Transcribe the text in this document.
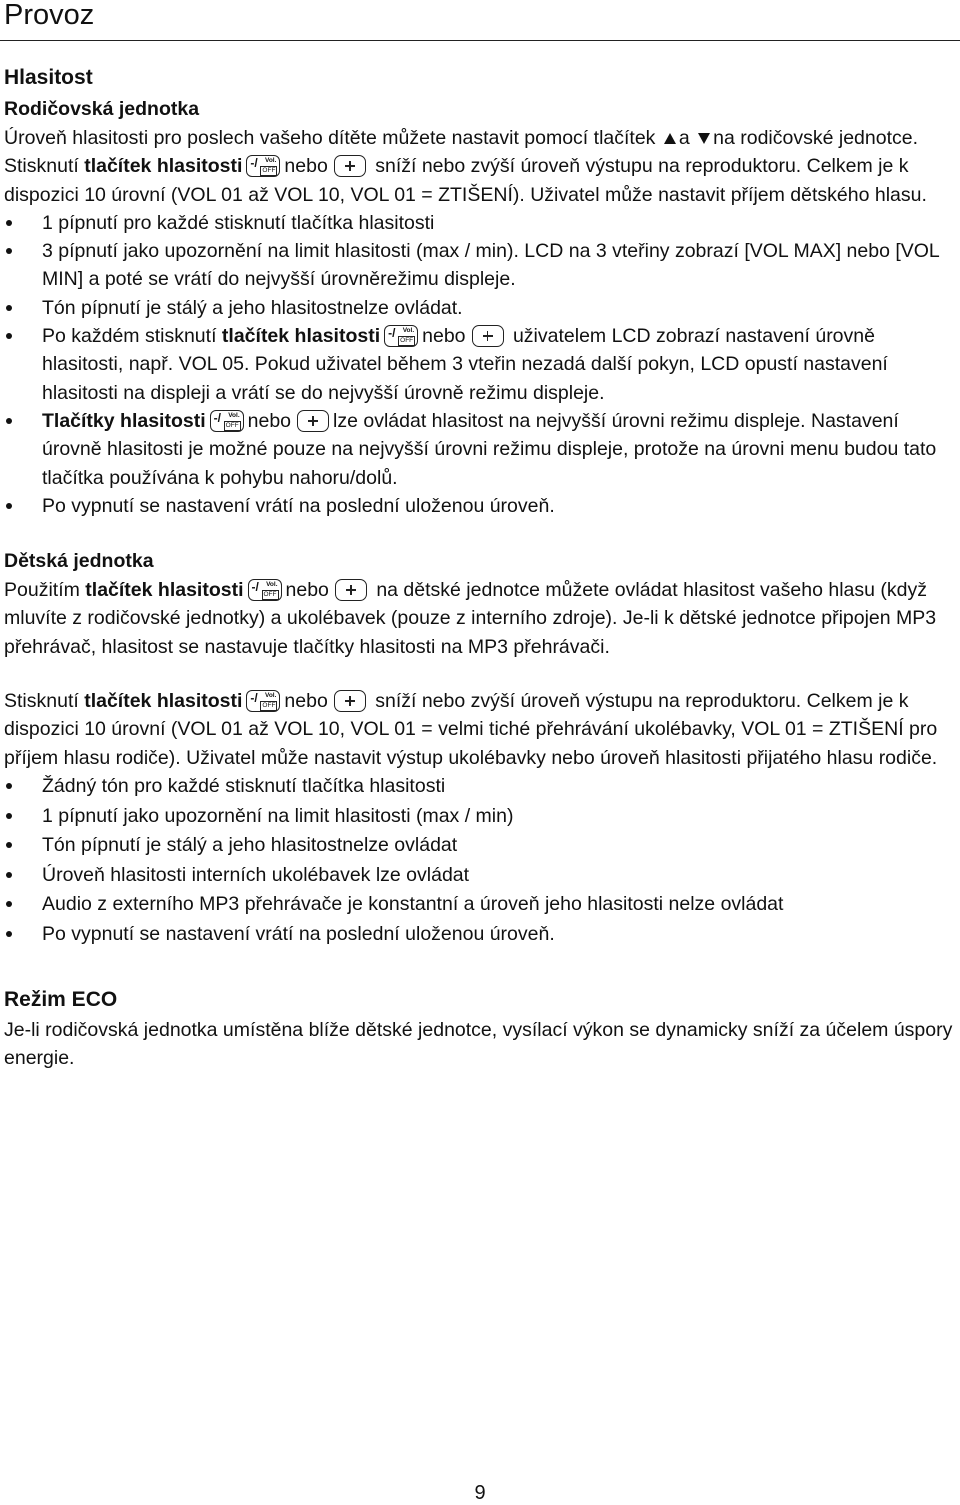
Provoz
Hlasitost
Rodičovská jednotka

Úroveň hlasitosti pro poslech vašeho dítěte můžete nastavit pomocí tlačítek a na rodičovské jednotce.

Stisknutí tlačítek hlasitosti -/ Vol.
OFF nebo sníží nebo zvýší úroveň výstupu na reproduktoru. Celkem je k dispozici 10 úrovní (VOL 01 až VOL 10, VOL 01 = ZTIŠENÍ). Uživatel může nastavit příjem dětského hlasu.

1 pípnutí pro každé stisknutí tlačítka hlasitosti
3 pípnutí jako upozornění na limit hlasitosti (max / min). LCD na 3 vteřiny zobrazí [VOL MAX] nebo [VOL MIN] a poté se vrátí do nejvyšší úrovněrežimu displeje.
Tón pípnutí je stálý a jeho hlasitostnelze ovládat.
Po každém stisknutí tlačítek hlasitosti -/ Vol.
OFF nebo uživatelem LCD zobrazí nastavení úrovně hlasitosti, např. VOL 05. Pokud uživatel během 3 vteřin nezadá další pokyn, LCD opustí nastavení hlasitosti na displeji a vrátí se do nejvyšší úrovně režimu displeje.
Tlačítky hlasitosti -/ Vol.
OFF nebo lze ovládat hlasitost na nejvyšší úrovni režimu displeje. Nastavení úrovně hlasitosti je možné pouze na nejvyšší úrovni režimu displeje, protože na úrovni menu budou tato tlačítka používána k pohybu nahoru/dolů.
Po vypnutí se nastavení vrátí na poslední uloženou úroveň.
Dětská jednotka

Použitím tlačítek hlasitosti -/ Vol.
OFF nebo na dětské jednotce můžete ovládat hlasitost vašeho hlasu (když mluvíte z rodičovské jednotky) a ukolébavek (pouze z interního zdroje). Je-li k dětské jednotce připojen MP3 přehrávač, hlasitost se nastavuje tlačítky hlasitosti na MP3 přehrávači.

Stisknutí tlačítek hlasitosti -/ Vol.
OFF nebo sníží nebo zvýší úroveň výstupu na reproduktoru. Celkem je k dispozici 10 úrovní (VOL 01 až VOL 10, VOL 01 = velmi tiché přehrávání ukolébavky, VOL 01 = ZTIŠENÍ pro příjem hlasu rodiče). Uživatel může nastavit výstup ukolébavky nebo úroveň hlasitosti přijatého hlasu rodiče.

Žádný tón pro každé stisknutí tlačítka hlasitosti
1 pípnutí jako upozornění na limit hlasitosti (max / min)
Tón pípnutí je stálý a jeho hlasitostnelze ovládat
Úroveň hlasitosti interních ukolébavek lze ovládat
Audio z externího MP3 přehrávače je konstantní a úroveň jeho hlasitosti nelze ovládat
Po vypnutí se nastavení vrátí na poslední uloženou úroveň.
Režim ECO

Je-li rodičovská jednotka umístěna blíže dětské jednotce, vysílací výkon se dynamicky sníží za účelem úspory energie.

9
